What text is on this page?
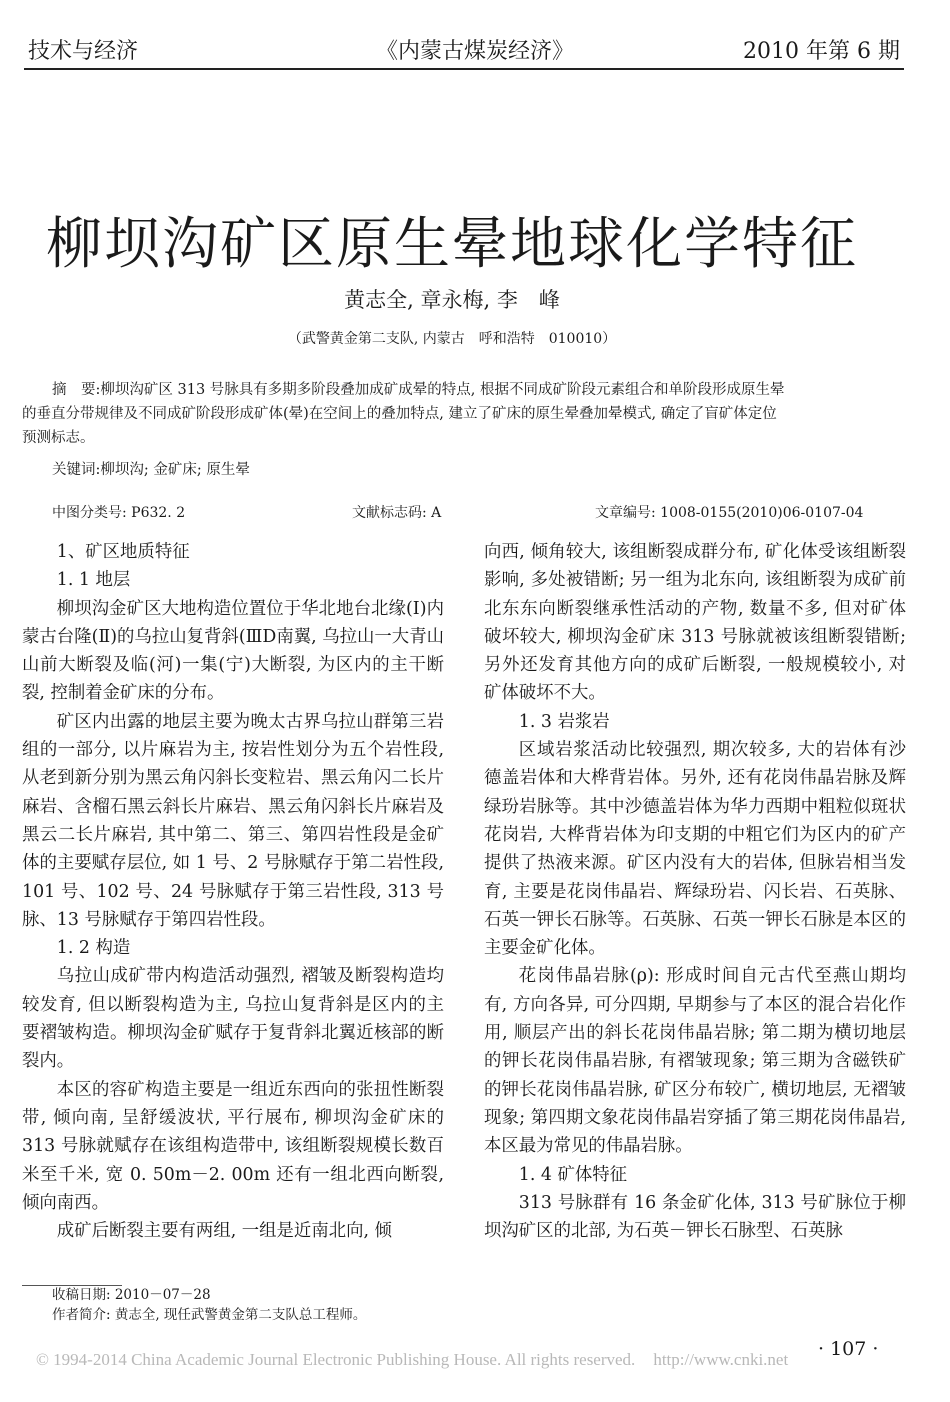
技术与经济	《内蒙古煤炭经济》	2010 年第 6 期
柳坝沟矿区原生晕地球化学特征
黄志全, 章永梅, 李　峰
（武警黄金第二支队, 内蒙古　呼和浩特　010010）
摘　要:柳坝沟矿区 313 号脉具有多期多阶段叠加成矿成晕的特点, 根据不同成矿阶段元素组合和单阶段形成原生晕
的垂直分带规律及不同成矿阶段形成矿体(晕)在空间上的叠加特点, 建立了矿床的原生晕叠加晕模式, 确定了盲矿体定位
预测标志。
关键词:柳坝沟; 金矿床; 原生晕
中图分类号: P632. 2	文献标志码: A	文章编号: 1008-0155(2010)06-0107-04
1、矿区地质特征
1. 1 地层

柳坝沟金矿区大地构造位置位于华北地台北缘(Ⅰ)内蒙古台隆(Ⅱ)的乌拉山复背斜(ⅢD南翼, 乌拉山一大青山山前大断裂及临(河)一集(宁)大断裂, 为区内的主干断裂, 控制着金矿床的分布。

矿区内出露的地层主要为晚太古界乌拉山群第三岩组的一部分, 以片麻岩为主, 按岩性划分为五个岩性段, 从老到新分别为黑云角闪斜长变粒岩、黑云角闪二长片麻岩、含榴石黑云斜长片麻岩、黑云角闪斜长片麻岩及黑云二长片麻岩, 其中第二、第三、第四岩性段是金矿体的主要赋存层位, 如 1 号、2 号脉赋存于第二岩性段, 101 号、102 号、24 号脉赋存于第三岩性段, 313 号脉、13 号脉赋存于第四岩性段。

1. 2 构造

乌拉山成矿带内构造活动强烈, 褶皱及断裂构造均较发育, 但以断裂构造为主, 乌拉山复背斜是区内的主要褶皱构造。柳坝沟金矿赋存于复背斜北翼近核部的断裂内。

本区的容矿构造主要是一组近东西向的张扭性断裂带, 倾向南, 呈舒缓波状, 平行展布, 柳坝沟金矿床的 313 号脉就赋存在该组构造带中, 该组断裂规模长数百米至千米, 宽 0. 50m－2. 00m 还有一组北西向断裂, 倾向南西。

成矿后断裂主要有两组, 一组是近南北向, 倾

向西, 倾角较大, 该组断裂成群分布, 矿化体受该组断裂影响, 多处被错断; 另一组为北东向, 该组断裂为成矿前北东东向断裂继承性活动的产物, 数量不多, 但对矿体破坏较大, 柳坝沟金矿床 313 号脉就被该组断裂错断; 另外还发育其他方向的成矿后断裂, 一般规模较小, 对矿体破坏不大。

1. 3 岩浆岩

区域岩浆活动比较强烈, 期次较多, 大的岩体有沙德盖岩体和大桦背岩体。另外, 还有花岗伟晶岩脉及辉绿玢岩脉等。其中沙德盖岩体为华力西期中粗粒似斑状花岗岩, 大桦背岩体为印支期的中粗它们为区内的矿产提供了热液来源。矿区内没有大的岩体, 但脉岩相当发育, 主要是花岗伟晶岩、辉绿玢岩、闪长岩、石英脉、石英一钾长石脉等。石英脉、石英一钾长石脉是本区的主要金矿化体。

花岗伟晶岩脉(ρ): 形成时间自元古代至燕山期均有, 方向各异, 可分四期, 早期参与了本区的混合岩化作用, 顺层产出的斜长花岗伟晶岩脉; 第二期为横切地层的钾长花岗伟晶岩脉, 有褶皱现象; 第三期为含磁铁矿的钾长花岗伟晶岩脉, 矿区分布较广, 横切地层, 无褶皱现象; 第四期文象花岗伟晶岩穿插了第三期花岗伟晶岩, 本区最为常见的伟晶岩脉。

1. 4 矿体特征

313 号脉群有 16 条金矿化体, 313 号矿脉位于柳坝沟矿区的北部, 为石英－钾长石脉型、石英脉

收稿日期: 2010－07－28
作者简介: 黄志全, 现任武警黄金第二支队总工程师。
© 1994-2014 China Academic Journal Electronic Publishing House. All rights reserved. http://www.cnki.net · 107 ·
